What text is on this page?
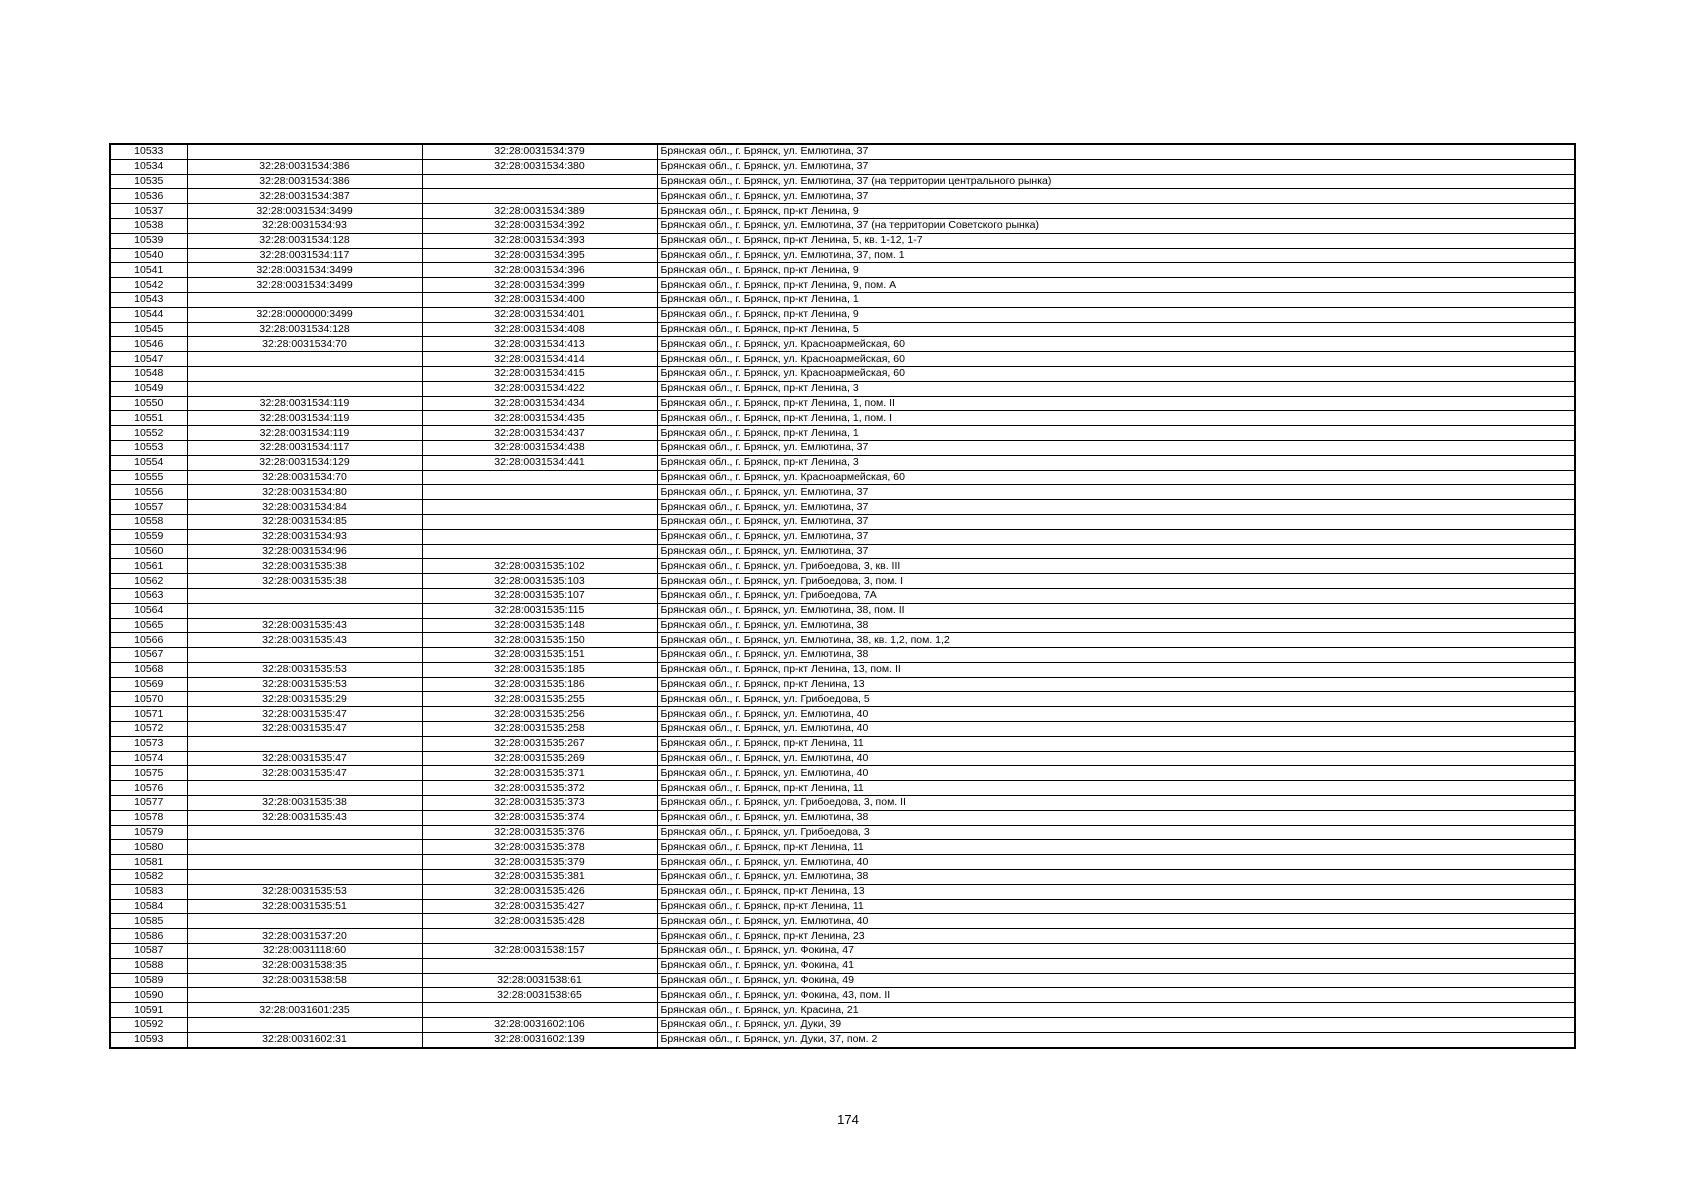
10533		32:28:0031534:379	Брянская обл., г. Брянск, ул. Емлютина, 37
10534	32:28:0031534:386	32:28:0031534:380	Брянская обл., г. Брянск, ул. Емлютина, 37
10535	32:28:0031534:386		Брянская обл., г. Брянск, ул. Емлютина, 37 (на территории центрального рынка)
10536	32:28:0031534:387		Брянская обл., г. Брянск, ул. Емлютина, 37
10537	32:28:0031534:3499	32:28:0031534:389	Брянская обл., г. Брянск, пр-кт Ленина, 9
10538	32:28:0031534:93	32:28:0031534:392	Брянская обл., г. Брянск, ул. Емлютина, 37 (на территории Советского рынка)
10539	32:28:0031534:128	32:28:0031534:393	Брянская обл., г. Брянск, пр-кт Ленина, 5, кв. 1-12, 1-7
10540	32:28:0031534:117	32:28:0031534:395	Брянская обл., г. Брянск, ул. Емлютина, 37, пом. 1
10541	32:28:0031534:3499	32:28:0031534:396	Брянская обл., г. Брянск, пр-кт Ленина, 9
10542	32:28:0031534:3499	32:28:0031534:399	Брянская обл., г. Брянск, пр-кт Ленина, 9, пом. А
10543		32:28:0031534:400	Брянская обл., г. Брянск, пр-кт Ленина, 1
10544	32:28:0000000:3499	32:28:0031534:401	Брянская обл., г. Брянск, пр-кт Ленина, 9
10545	32:28:0031534:128	32:28:0031534:408	Брянская обл., г. Брянск, пр-кт Ленина, 5
10546	32:28:0031534:70	32:28:0031534:413	Брянская обл., г. Брянск, ул. Красноармейская, 60
10547		32:28:0031534:414	Брянская обл., г. Брянск, ул. Красноармейская, 60
10548		32:28:0031534:415	Брянская обл., г. Брянск, ул. Красноармейская, 60
10549		32:28:0031534:422	Брянская обл., г. Брянск, пр-кт Ленина, 3
10550	32:28:0031534:119	32:28:0031534:434	Брянская обл., г. Брянск, пр-кт Ленина, 1, пом. II
10551	32:28:0031534:119	32:28:0031534:435	Брянская обл., г. Брянск, пр-кт Ленина, 1, пом. I
10552	32:28:0031534:119	32:28:0031534:437	Брянская обл., г. Брянск, пр-кт Ленина, 1
10553	32:28:0031534:117	32:28:0031534:438	Брянская обл., г. Брянск, ул. Емлютина, 37
10554	32:28:0031534:129	32:28:0031534:441	Брянская обл., г. Брянск, пр-кт Ленина, 3
10555	32:28:0031534:70		Брянская обл., г. Брянск, ул. Красноармейская, 60
10556	32:28:0031534:80		Брянская обл., г. Брянск, ул. Емлютина, 37
10557	32:28:0031534:84		Брянская обл., г. Брянск, ул. Емлютина, 37
10558	32:28:0031534:85		Брянская обл., г. Брянск, ул. Емлютина, 37
10559	32:28:0031534:93		Брянская обл., г. Брянск, ул. Емлютина, 37
10560	32:28:0031534:96		Брянская обл., г. Брянск, ул. Емлютина, 37
10561	32:28:0031535:38	32:28:0031535:102	Брянская обл., г. Брянск, ул. Грибоедова, 3, кв. III
10562	32:28:0031535:38	32:28:0031535:103	Брянская обл., г. Брянск, ул. Грибоедова, 3, пом. I
10563		32:28:0031535:107	Брянская обл., г. Брянск, ул. Грибоедова, 7А
10564		32:28:0031535:115	Брянская обл., г. Брянск, ул. Емлютина, 38, пом. II
10565	32:28:0031535:43	32:28:0031535:148	Брянская обл., г. Брянск, ул. Емлютина, 38
10566	32:28:0031535:43	32:28:0031535:150	Брянская обл., г. Брянск, ул. Емлютина, 38, кв. 1,2, пом. 1,2
10567		32:28:0031535:151	Брянская обл., г. Брянск, ул. Емлютина, 38
10568	32:28:0031535:53	32:28:0031535:185	Брянская обл., г. Брянск, пр-кт Ленина, 13, пом. II
10569	32:28:0031535:53	32:28:0031535:186	Брянская обл., г. Брянск, пр-кт Ленина, 13
10570	32:28:0031535:29	32:28:0031535:255	Брянская обл., г. Брянск, ул. Грибоедова, 5
10571	32:28:0031535:47	32:28:0031535:256	Брянская обл., г. Брянск, ул. Емлютина, 40
10572	32:28:0031535:47	32:28:0031535:258	Брянская обл., г. Брянск, ул. Емлютина, 40
10573		32:28:0031535:267	Брянская обл., г. Брянск, пр-кт Ленина, 11
10574	32:28:0031535:47	32:28:0031535:269	Брянская обл., г. Брянск, ул. Емлютина, 40
10575	32:28:0031535:47	32:28:0031535:371	Брянская обл., г. Брянск, ул. Емлютина, 40
10576		32:28:0031535:372	Брянская обл., г. Брянск, пр-кт Ленина, 11
10577	32:28:0031535:38	32:28:0031535:373	Брянская обл., г. Брянск, ул. Грибоедова, 3, пом. II
10578	32:28:0031535:43	32:28:0031535:374	Брянская обл., г. Брянск, ул. Емлютина, 38
10579		32:28:0031535:376	Брянская обл., г. Брянск, ул. Грибоедова, 3
10580		32:28:0031535:378	Брянская обл., г. Брянск, пр-кт Ленина, 11
10581		32:28:0031535:379	Брянская обл., г. Брянск, ул. Емлютина, 40
10582		32:28:0031535:381	Брянская обл., г. Брянск, ул. Емлютина, 38
10583	32:28:0031535:53	32:28:0031535:426	Брянская обл., г. Брянск, пр-кт Ленина, 13
10584	32:28:0031535:51	32:28:0031535:427	Брянская обл., г. Брянск, пр-кт Ленина, 11
10585		32:28:0031535:428	Брянская обл., г. Брянск, ул. Емлютина, 40
10586	32:28:0031537:20		Брянская обл., г. Брянск, пр-кт Ленина, 23
10587	32:28:0031118:60	32:28:0031538:157	Брянская обл., г. Брянск, ул. Фокина, 47
10588	32:28:0031538:35		Брянская обл., г. Брянск, ул. Фокина, 41
10589	32:28:0031538:58	32:28:0031538:61	Брянская обл., г. Брянск, ул. Фокина, 49
10590		32:28:0031538:65	Брянская обл., г. Брянск, ул. Фокина, 43, пом. II
10591	32:28:0031601:235		Брянская обл., г. Брянск, ул. Красина, 21
10592		32:28:0031602:106	Брянская обл., г. Брянск, ул. Дуки, 39
10593	32:28:0031602:31	32:28:0031602:139	Брянская обл., г. Брянск, ул. Дуки, 37, пом. 2
174
